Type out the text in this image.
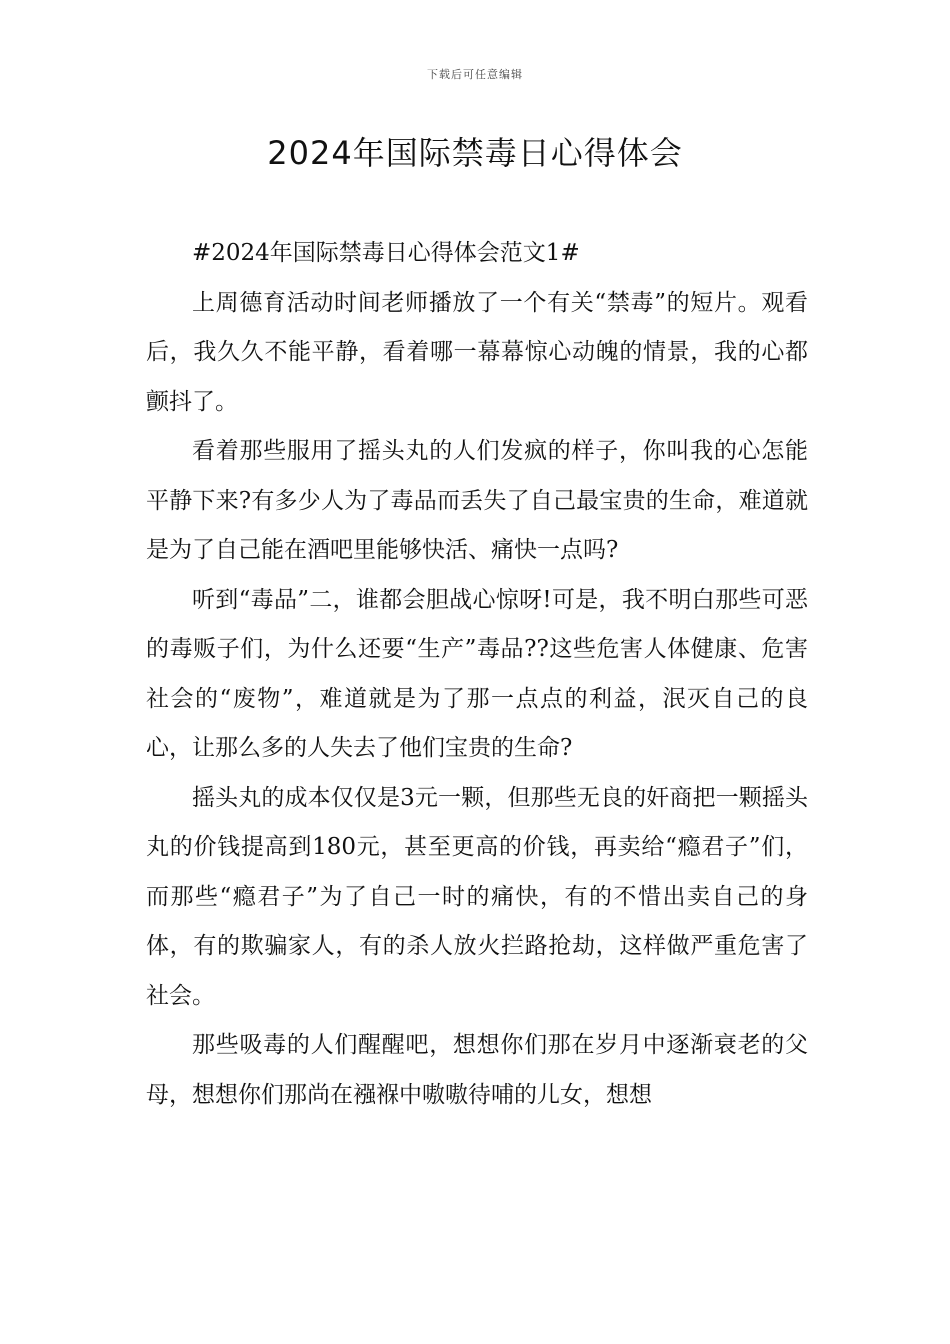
下载后可任意编辑
2024年国际禁毒日心得体会

#2024年国际禁毒日心得体会范文1#

上周德育活动时间老师播放了一个有关“禁毒”的短片。观看后，我久久不能平静，看着哪一幕幕惊心动魄的情景，我的心都颤抖了。

看着那些服用了摇头丸的人们发疯的样子，你叫我的心怎能平静下来?有多少人为了毒品而丢失了自己最宝贵的生命，难道就是为了自己能在酒吧里能够快活、痛快一点吗?

听到“毒品”二，谁都会胆战心惊呀!可是，我不明白那些可恶的毒贩子们，为什么还要“生产”毒品??这些危害人体健康、危害社会的“废物”，难道就是为了那一点点的利益，泯灭自己的良心，让那么多的人失去了他们宝贵的生命?

摇头丸的成本仅仅是3元一颗，但那些无良的奸商把一颗摇头丸的价钱提高到180元，甚至更高的价钱，再卖给“瘾君子”们，而那些“瘾君子”为了自己一时的痛快，有的不惜出卖自己的身体，有的欺骗家人，有的杀人放火拦路抢劫，这样做严重危害了社会。

那些吸毒的人们醒醒吧，想想你们那在岁月中逐渐衰老的父母，想想你们那尚在襁褓中嗷嗷待哺的儿女，想想
